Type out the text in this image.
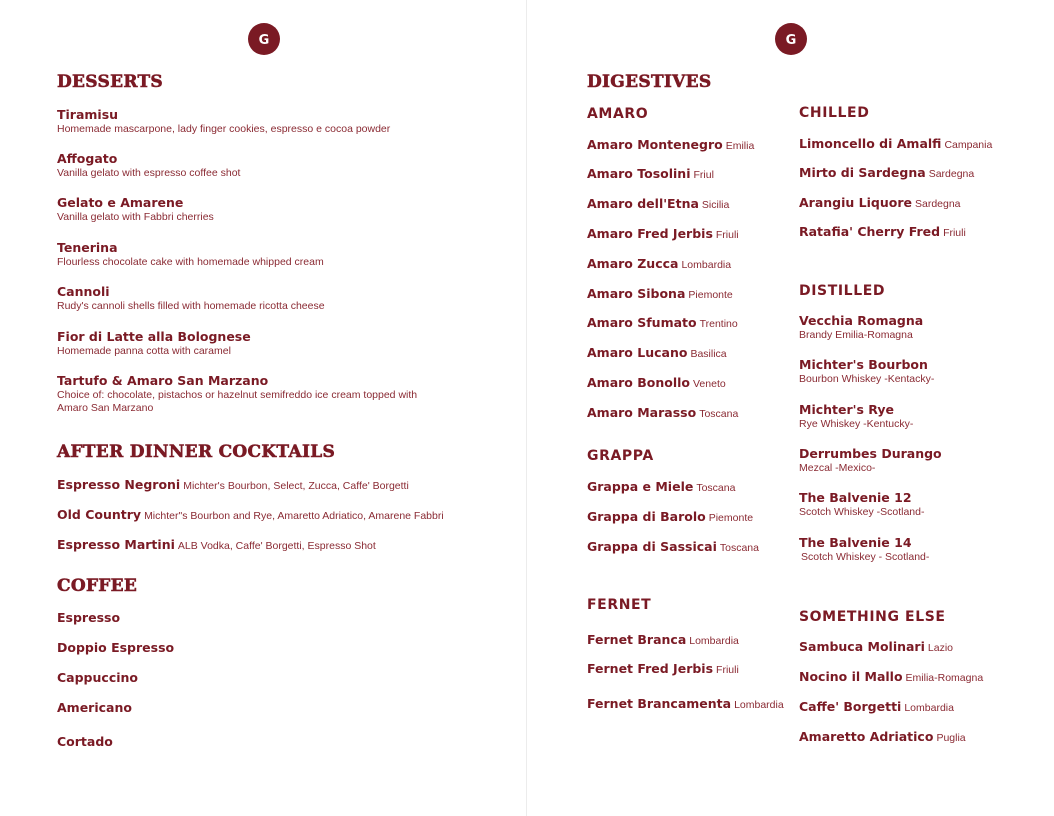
G
DESSERTS
Tiramisu
Homemade mascarpone, lady finger cookies, espresso e cocoa powder
Affogato
Vanilla gelato with espresso coffee shot
Gelato e Amarene
Vanilla gelato with Fabbri cherries
Tenerina
Flourless chocolate cake with homemade whipped cream
Cannoli
Rudy's cannoli shells filled with homemade ricotta cheese
Fior di Latte alla Bolognese
Homemade panna cotta with caramel
Tartufo & Amaro San Marzano
Choice of: chocolate, pistachos or hazelnut semifreddo ice cream topped with Amaro San Marzano
AFTER DINNER COCKTAILS
Espresso Negroni Michter's Bourbon, Select, Zucca, Caffe' Borgetti
Old Country Michter"s Bourbon and Rye, Amaretto Adriatico, Amarene Fabbri
Espresso Martini ALB Vodka, Caffe' Borgetti, Espresso Shot
COFFEE
Espresso
Doppio Espresso
Cappuccino
Americano
Cortado
G
DIGESTIVES
AMARO
Amaro Montenegro Emilia
Amaro Tosolini Friul
Amaro dell'Etna Sicilia
Amaro Fred Jerbis Friuli
Amaro Zucca Lombardia
Amaro Sibona Piemonte
Amaro Sfumato Trentino
Amaro Lucano Basilica
Amaro Bonollo Veneto
Amaro Marasso Toscana
GRAPPA
Grappa e Miele Toscana
Grappa di Barolo Piemonte
Grappa di Sassicai Toscana
FERNET
Fernet Branca Lombardia
Fernet Fred Jerbis Friuli
Fernet Brancamenta Lombardia
CHILLED
Limoncello di Amalfi Campania
Mirto di Sardegna Sardegna
Arangiu Liquore Sardegna
Ratafia' Cherry Fred Friuli
DISTILLED
Vecchia Romagna
Brandy Emilia-Romagna
Michter's Bourbon
Bourbon Whiskey -Kentacky-
Michter's Rye
Rye Whiskey -Kentucky-
Derrumbes Durango
Mezcal -Mexico-
The Balvenie 12
Scotch Whiskey -Scotland-
The Balvenie 14
Scotch Whiskey - Scotland-
SOMETHING ELSE
Sambuca Molinari Lazio
Nocino il Mallo Emilia-Romagna
Caffe' Borgetti Lombardia
Amaretto Adriatico Puglia
